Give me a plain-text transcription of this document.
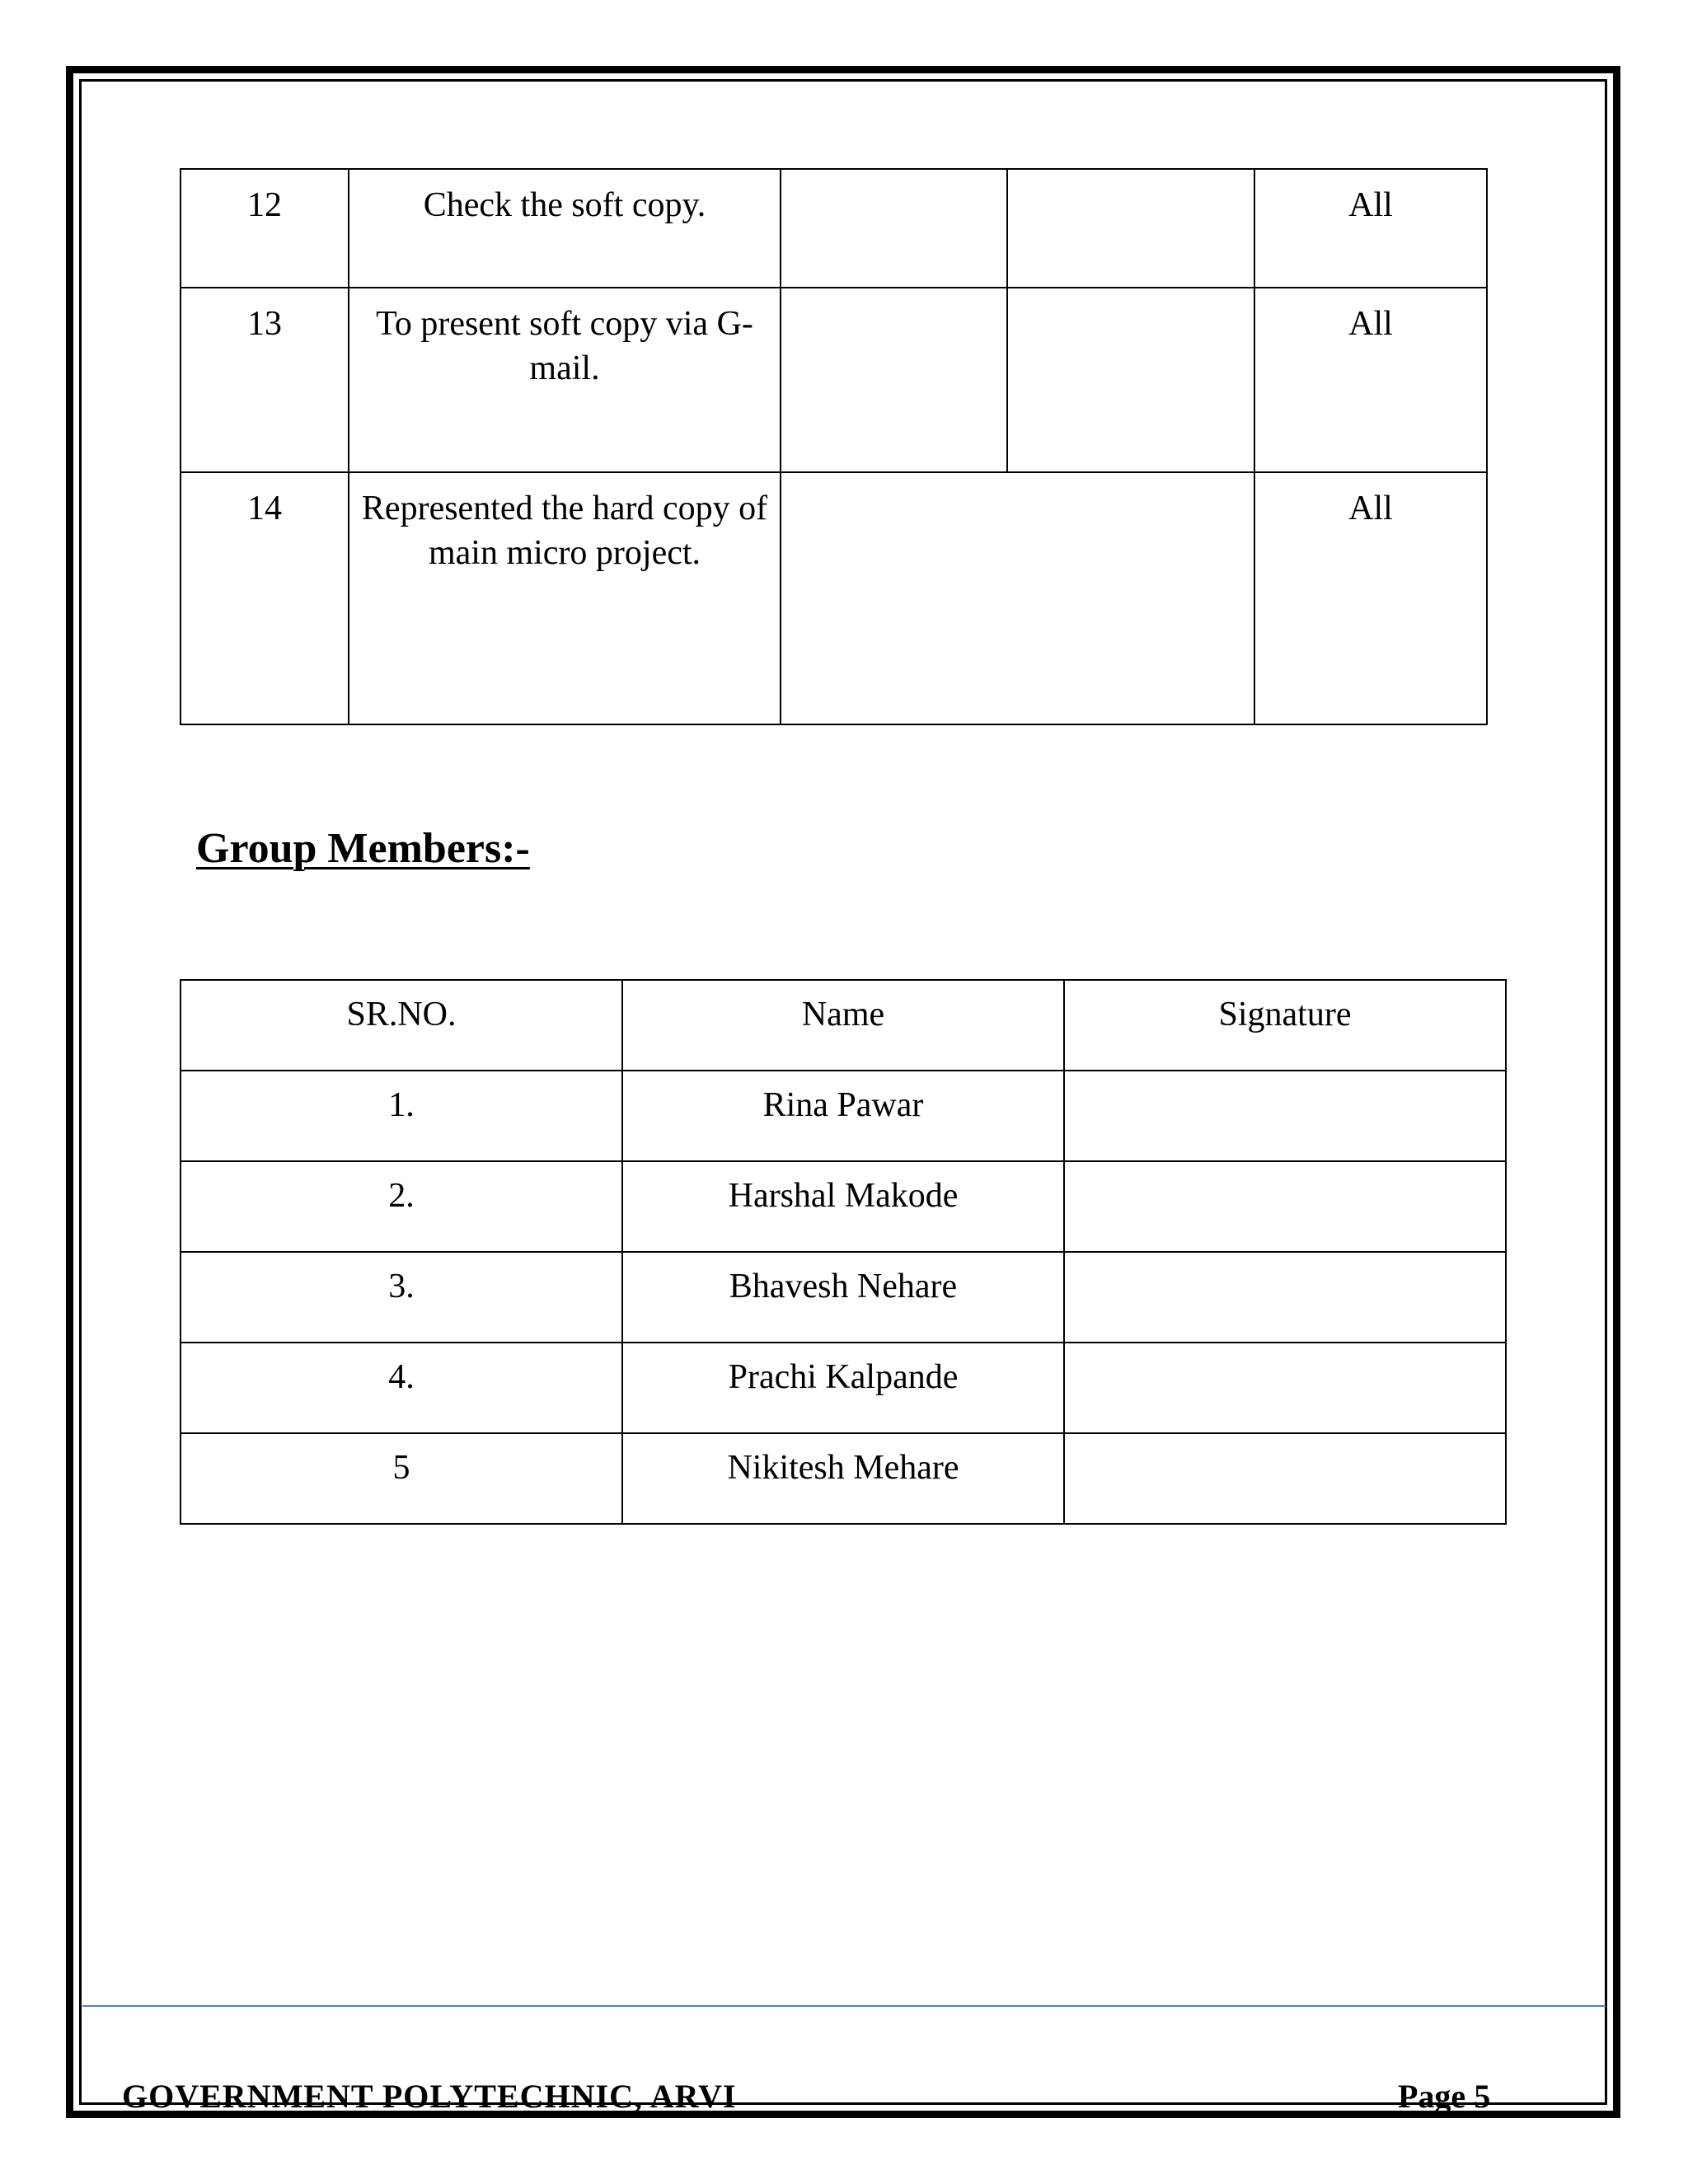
12	Check the soft copy.			All
13	To present soft copy via G-mail.			All
14	Represented the hard copy of main micro project.			All
Group Members:-
SR.NO.	Name	Signature
1.	Rina Pawar	
2.	Harshal Makode	
3.	Bhavesh Nehare	
4.	Prachi Kalpande	
5	Nikitesh Mehare	
GOVERNMENT POLYTECHNIC, ARVI	Page 5
